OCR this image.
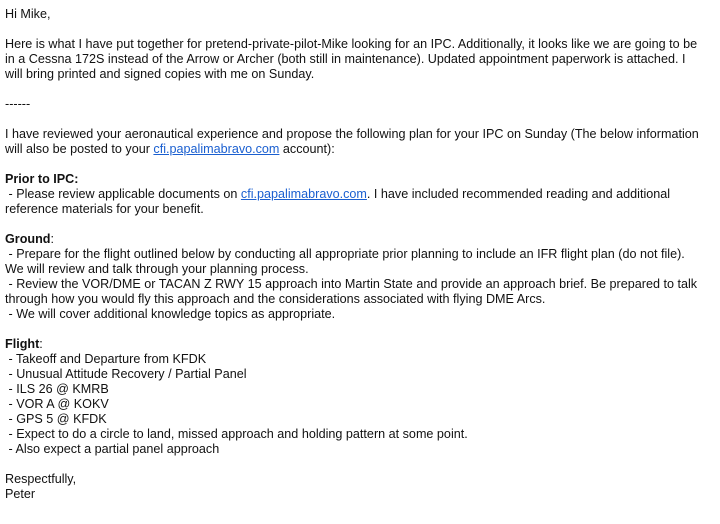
Hi Mike,
Here is what I have put together for pretend-private-pilot-Mike looking for an IPC. Additionally, it looks like we are going to be
in a Cessna 172S instead of the Arrow or Archer (both still in maintenance). Updated appointment paperwork is attached. I
will bring printed and signed copies with me on Sunday.
------
I have reviewed your aeronautical experience and propose the following plan for your IPC on Sunday (The below information
will also be posted to your cfi.papalimabravo.com account):
Prior to IPC:
- Please review applicable documents on cfi.papalimabravo.com. I have included recommended reading and additional
reference materials for your benefit.
Ground:
- Prepare for the flight outlined below by conducting all appropriate prior planning to include an IFR flight plan (do not file).
We will review and talk through your planning process.
- Review the VOR/DME or TACAN Z RWY 15 approach into Martin State and provide an approach brief. Be prepared to talk
through how you would fly this approach and the considerations associated with flying DME Arcs.
- We will cover additional knowledge topics as appropriate.
Flight:
- Takeoff and Departure from KFDK
- Unusual Attitude Recovery / Partial Panel
- ILS 26 @ KMRB
- VOR A @ KOKV
- GPS 5 @ KFDK
- Expect to do a circle to land, missed approach and holding pattern at some point.
- Also expect a partial panel approach
Respectfully,
Peter
